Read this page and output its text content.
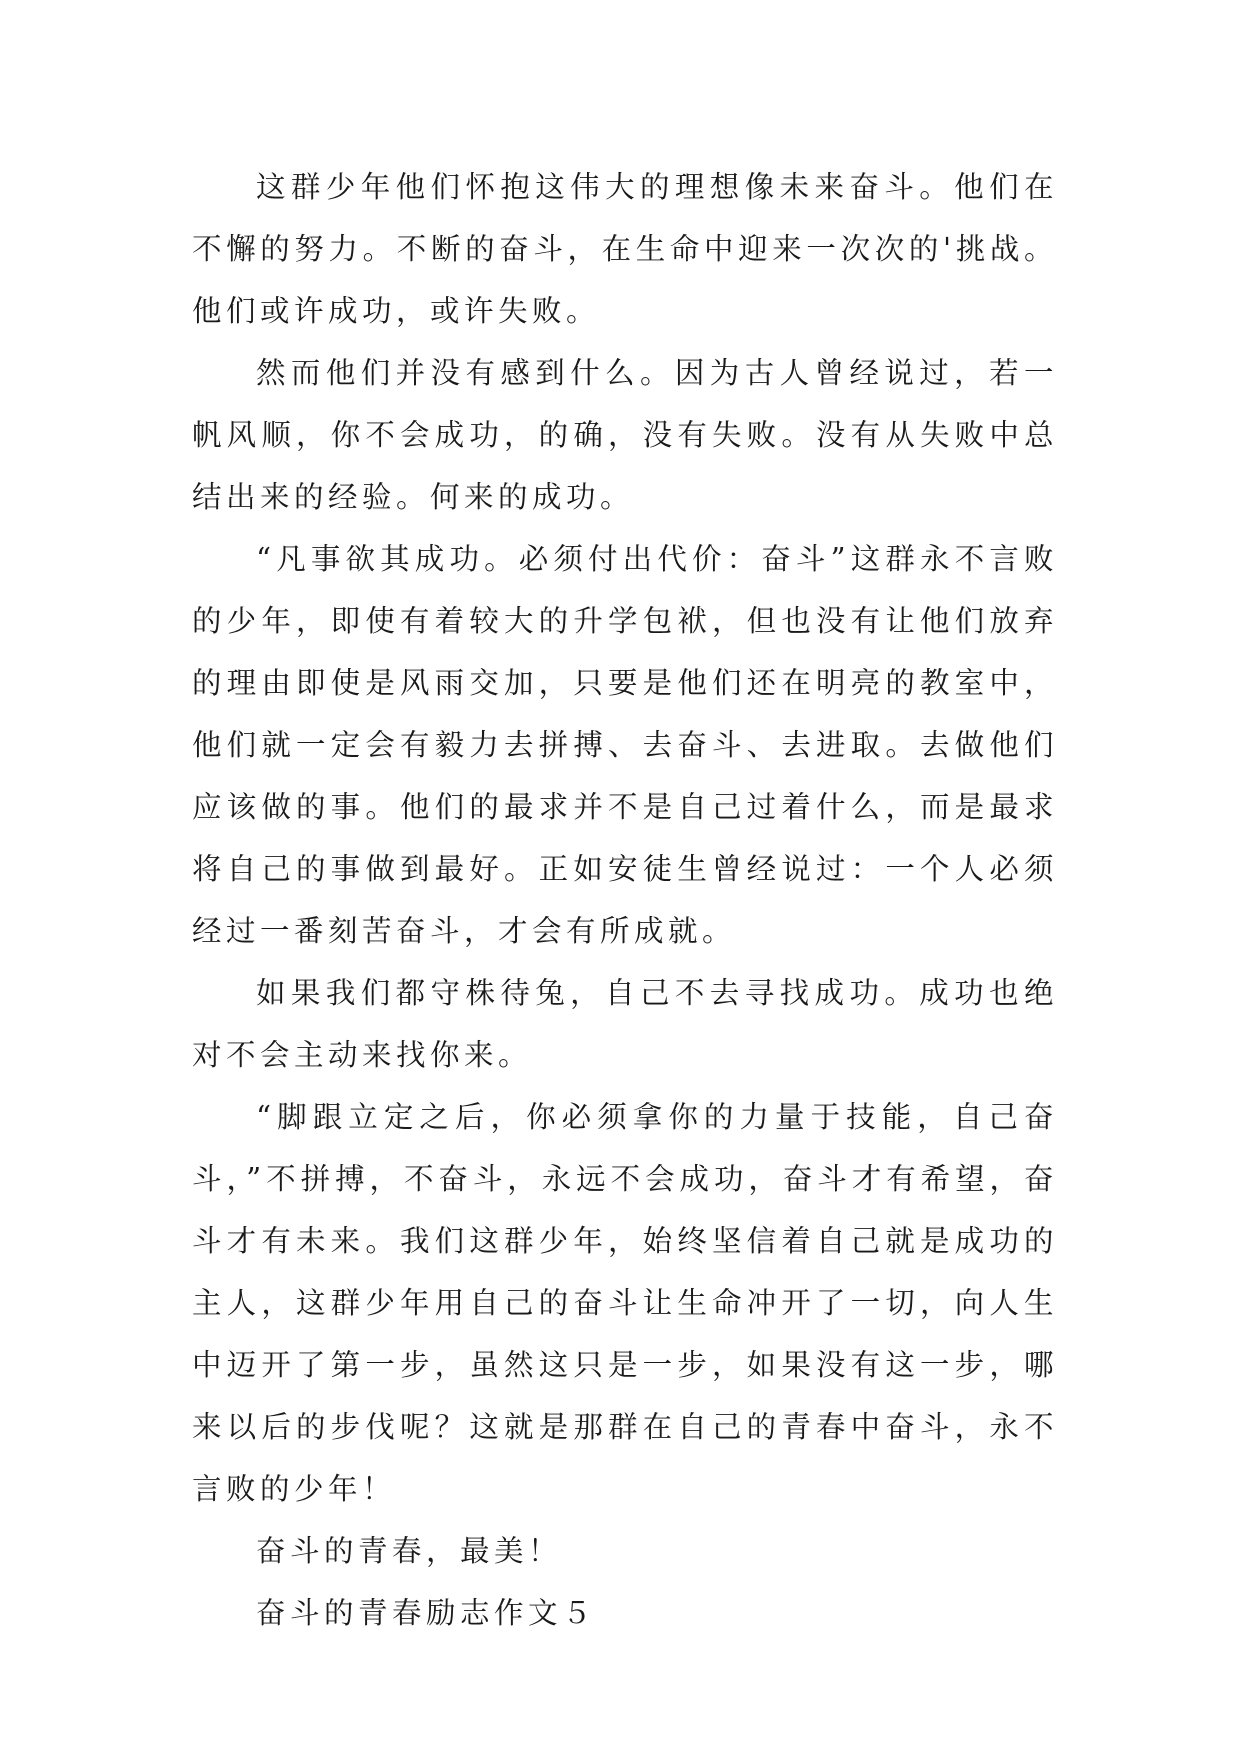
这群少年他们怀抱这伟大的理想像未来奋斗。他们在不懈的努力。不断的奋斗，在生命中迎来一次次的'挑战。他们或许成功，或许失败。

然而他们并没有感到什么。因为古人曾经说过，若一帆风顺，你不会成功，的确，没有失败。没有从失败中总结出来的经验。何来的成功。

“凡事欲其成功。必须付出代价：奋斗”这群永不言败的少年，即使有着较大的升学包袱，但也没有让他们放弃的理由即使是风雨交加，只要是他们还在明亮的教室中，他们就一定会有毅力去拼搏、去奋斗、去进取。去做他们应该做的事。他们的最求并不是自己过着什么，而是最求将自己的事做到最好。正如安徒生曾经说过：一个人必须经过一番刻苦奋斗，才会有所成就。

如果我们都守株待兔，自己不去寻找成功。成功也绝对不会主动来找你来。

“脚跟立定之后，你必须拿你的力量于技能，自己奋斗，”不拼搏，不奋斗，永远不会成功，奋斗才有希望，奋斗才有未来。我们这群少年，始终坚信着自己就是成功的主人，这群少年用自己的奋斗让生命冲开了一切，向人生中迈开了第一步，虽然这只是一步，如果没有这一步，哪来以后的步伐呢？这就是那群在自己的青春中奋斗，永不言败的少年！

奋斗的青春，最美！

奋斗的青春励志作文５
